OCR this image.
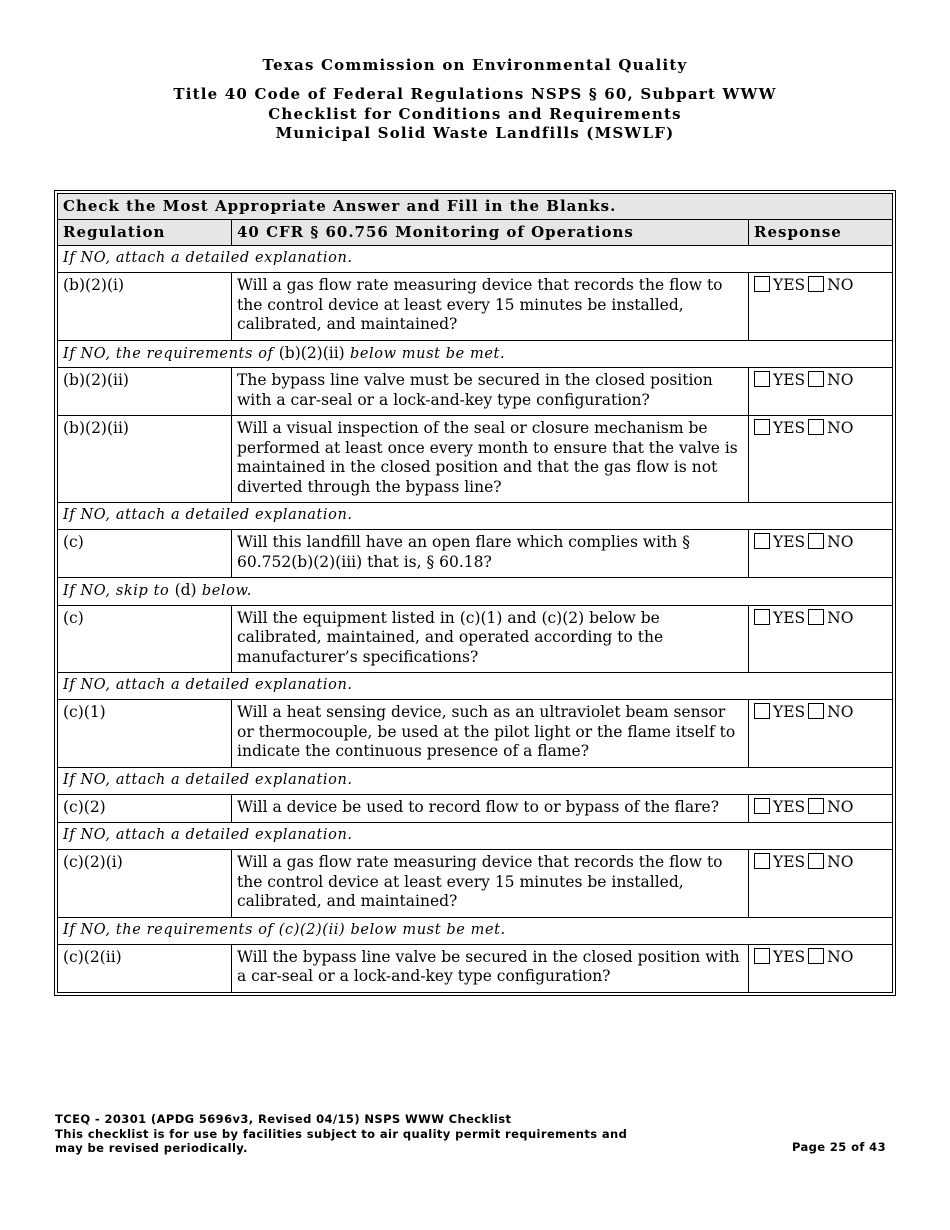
Texas Commission on Environmental Quality
Title 40 Code of Federal Regulations NSPS § 60, Subpart WWW
Checklist for Conditions and Requirements
Municipal Solid Waste Landfills (MSWLF)
Check the Most Appropriate Answer and Fill in the Blanks.		
Regulation	40 CFR § 60.756 Monitoring of Operations	Response
If NO, attach a detailed explanation.		
(b)(2)(i)	Will a gas flow rate measuring device that records the flow to the control device at least every 15 minutes be installed, calibrated, and maintained?	YES NO
If NO, the requirements of (b)(2)(ii) below must be met.		
(b)(2)(ii)	The bypass line valve must be secured in the closed position with a car-seal or a lock-and-key type configuration?	YES NO
(b)(2)(ii)	Will a visual inspection of the seal or closure mechanism be performed at least once every month to ensure that the valve is maintained in the closed position and that the gas flow is not diverted through the bypass line?	YES NO
If NO, attach a detailed explanation.		
(c)	Will this landfill have an open flare which complies with § 60.752(b)(2)(iii) that is, § 60.18?	YES NO
If NO, skip to (d) below.		
(c)	Will the equipment listed in (c)(1) and (c)(2) below be calibrated, maintained, and operated according to the manufacturer’s specifications?	YES NO
If NO, attach a detailed explanation.		
(c)(1)	Will a heat sensing device, such as an ultraviolet beam sensor or thermocouple, be used at the pilot light or the flame itself to indicate the continuous presence of a flame?	YES NO
If NO, attach a detailed explanation.		
(c)(2)	Will a device be used to record flow to or bypass of the flare?	YES NO
If NO, attach a detailed explanation.		
(c)(2)(i)	Will a gas flow rate measuring device that records the flow to the control device at least every 15 minutes be installed, calibrated, and maintained?	YES NO
If NO, the requirements of (c)(2)(ii) below must be met.		
(c)(2(ii)	Will the bypass line valve be secured in the closed position with a car-seal or a lock-and-key type configuration?	YES NO
TCEQ - 20301 (APDG 5696v3, Revised 04/15) NSPS WWW Checklist
This checklist is for use by facilities subject to air quality permit requirements and
may be revised periodically.	Page 25 of 43
